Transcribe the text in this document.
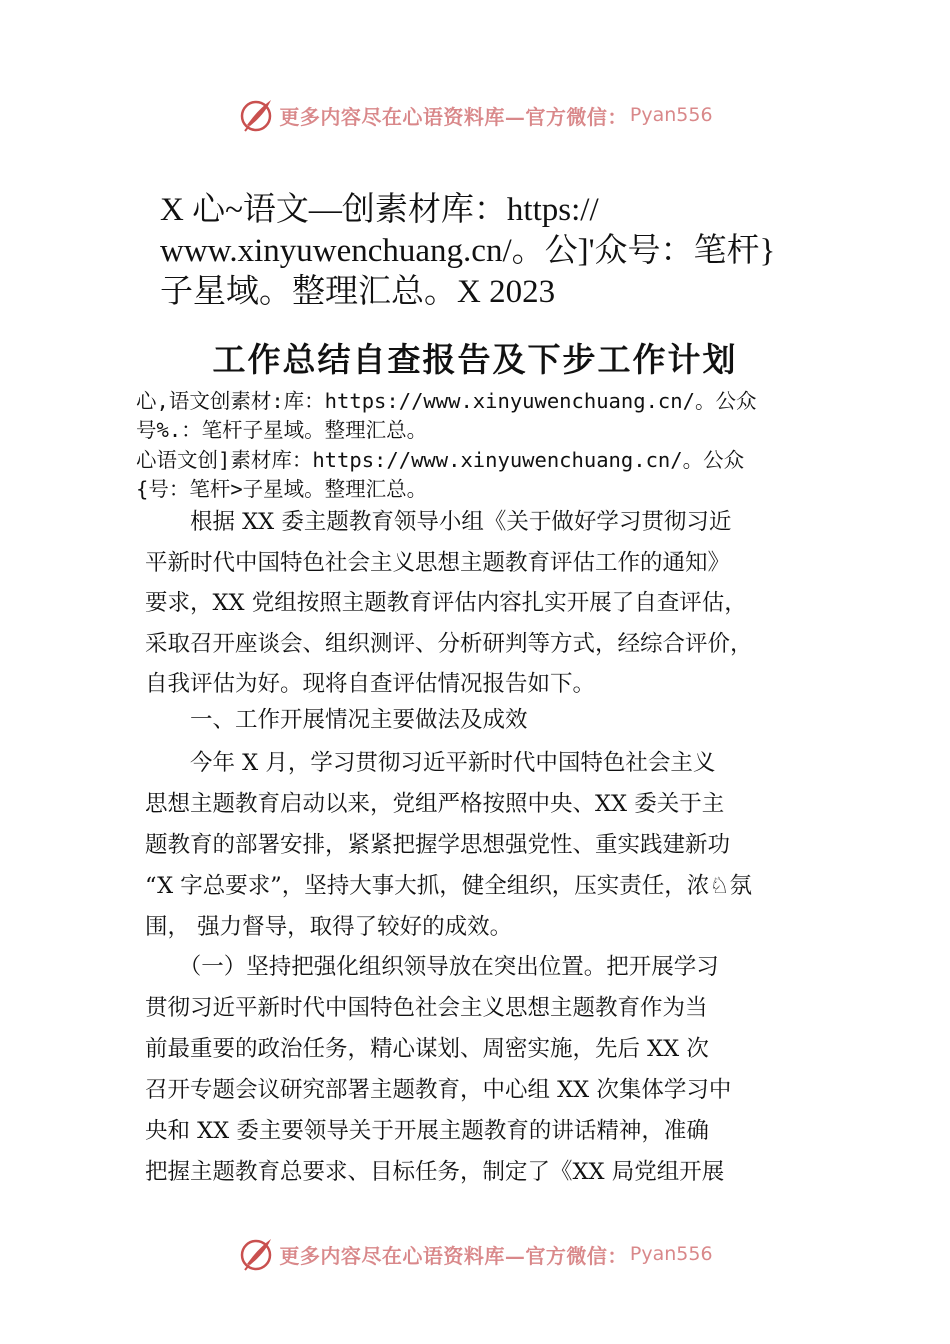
更多内容尽在心语资料库—官方微信： Pyan556
X 心~语文—创素材库：https://
www.xinyuwenchuang.cn/。公]'众号：笔杆}
子星域。整理汇总。X 2023
工作总结自查报告及下步工作计划
心,语文创素材:库：https://www.xinyuwenchuang.cn/。公众
号%.：笔杆子星域。整理汇总。
心语文创]素材库：https://www.xinyuwenchuang.cn/。公众
{号：笔杆>子星域。整理汇总。
　　根据 XX 委主题教育领导小组《关于做好学习贯彻习近
平新时代中国特色社会主义思想主题教育评估工作的通知》
要求，XX 党组按照主题教育评估内容扎实开展了自查评估，
采取召开座谈会、组织测评、分析研判等方式，经综合评价，
自我评估为好。现将自查评估情况报告如下。
　　一、工作开展情况主要做法及成效
　　今年 X 月，学习贯彻习近平新时代中国特色社会主义
思想主题教育启动以来，党组严格按照中央、XX 委关于主
题教育的部署安排，紧紧把握学思想强党性、重实践建新功
“X 字总要求”，坚持大事大抓，健全组织，压实责任，浓♘氛
围， 强力督导，取得了较好的成效。
　　（一）坚持把强化组织领导放在突出位置。把开展学习
贯彻习近平新时代中国特色社会主义思想主题教育作为当
前最重要的政治任务，精心谋划、周密实施，先后 XX 次
召开专题会议研究部署主题教育，中心组 XX 次集体学习中
央和 XX 委主要领导关于开展主题教育的讲话精神，准确
把握主题教育总要求、目标任务，制定了《XX 局党组开展
更多内容尽在心语资料库—官方微信： Pyan556
